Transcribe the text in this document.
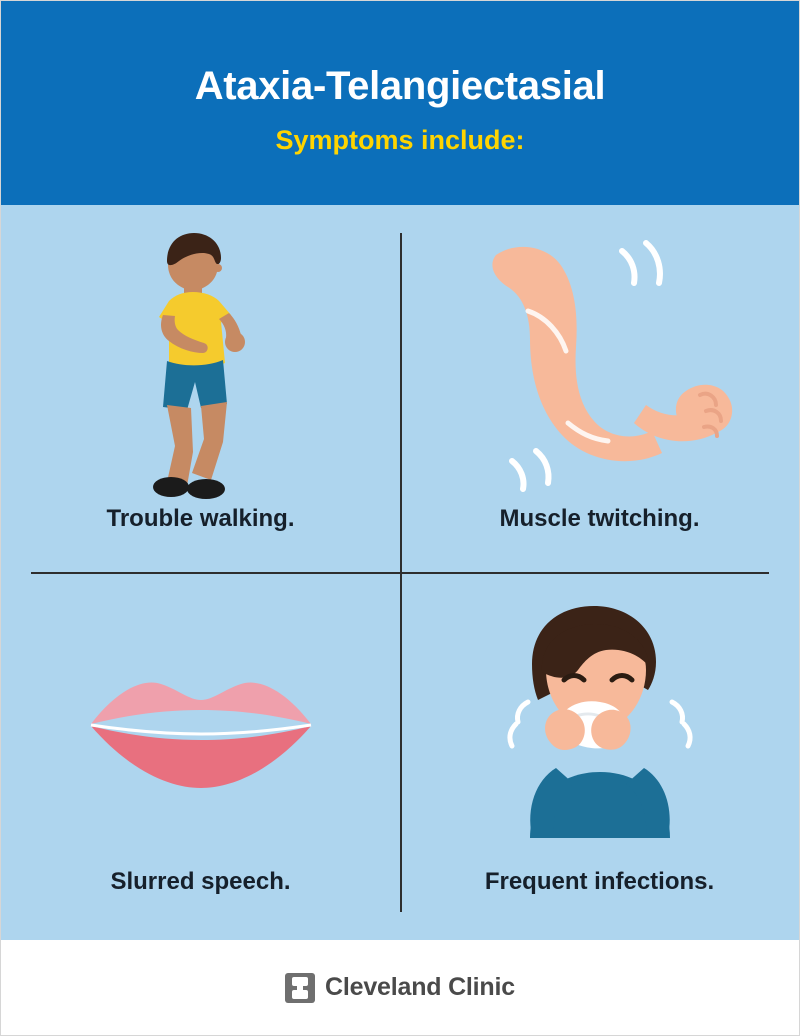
Ataxia-Telangiectasial
Symptoms include:
Trouble walking.	Muscle twitching.
Slurred speech.	Frequent infections.
Cleveland Clinic
